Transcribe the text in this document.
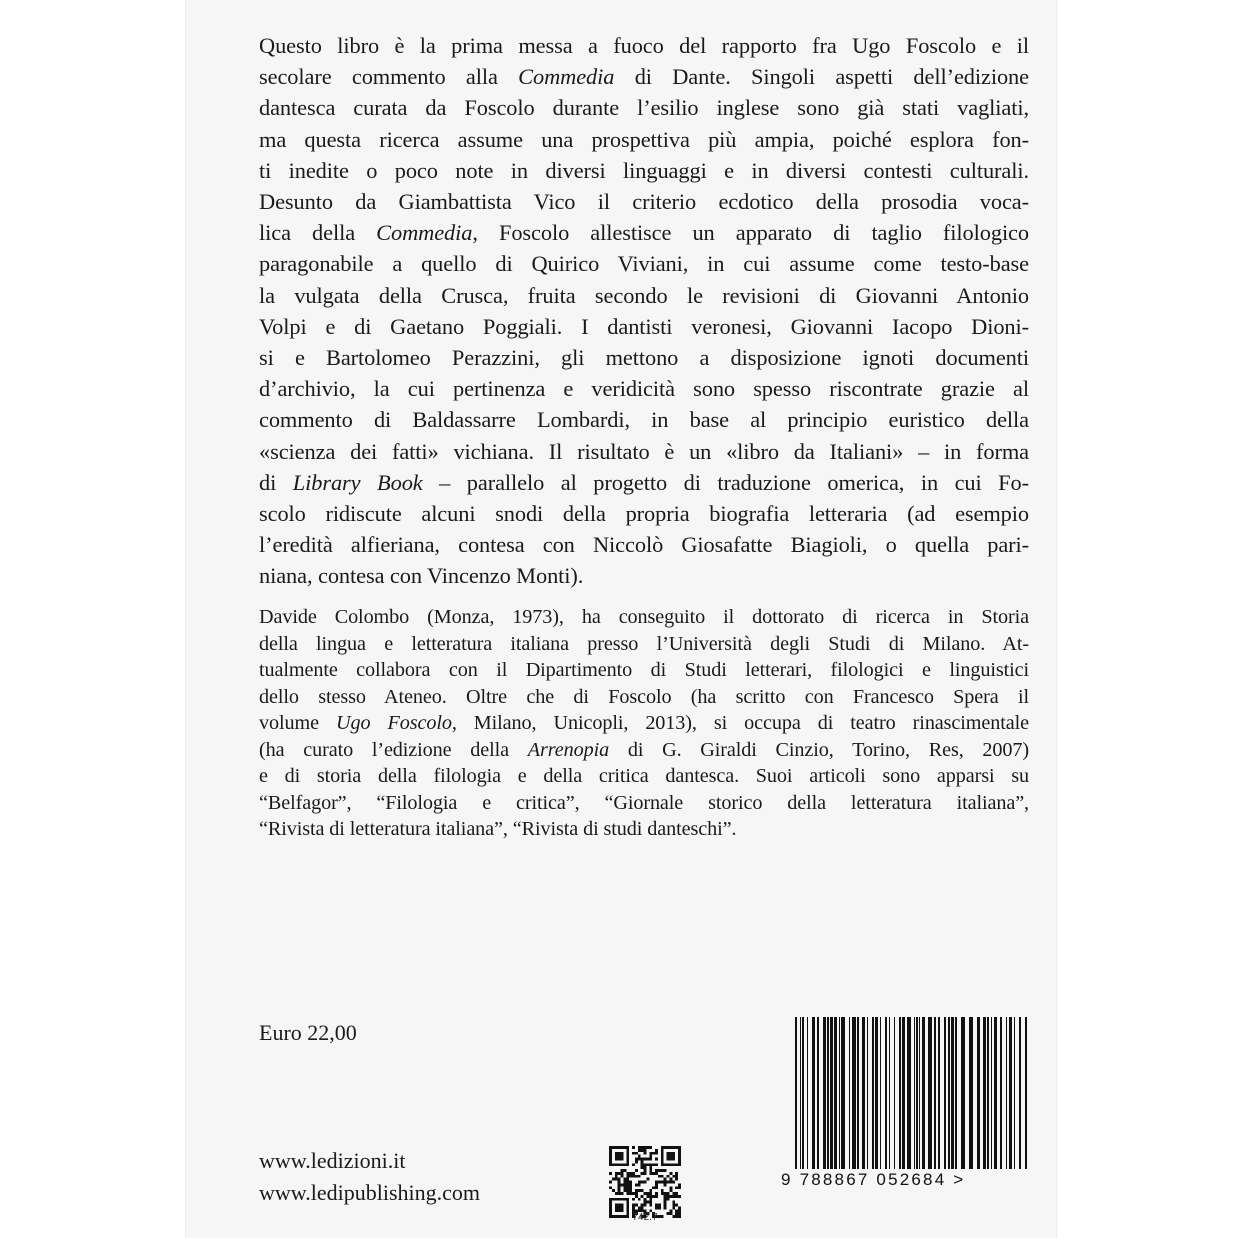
Questo libro è la prima messa a fuoco del rapporto fra Ugo Foscolo e il
secolare commento alla Commedia di Dante. Singoli aspetti dell’edizione
dantesca curata da Foscolo durante l’esilio inglese sono già stati vagliati,
ma questa ricerca assume una prospettiva più ampia, poiché esplora fon-
ti inedite o poco note in diversi linguaggi e in diversi contesti culturali.
Desunto da Giambattista Vico il criterio ecdotico della prosodia voca-
lica della Commedia, Foscolo allestisce un apparato di taglio filologico
paragonabile a quello di Quirico Viviani, in cui assume come testo-base
la vulgata della Crusca, fruita secondo le revisioni di Giovanni Antonio
Volpi e di Gaetano Poggiali. I dantisti veronesi, Giovanni Iacopo Dioni-
si e Bartolomeo Perazzini, gli mettono a disposizione ignoti documenti
d’archivio, la cui pertinenza e veridicità sono spesso riscontrate grazie al
commento di Baldassarre Lombardi, in base al principio euristico della
«scienza dei fatti» vichiana. Il risultato è un «libro da Italiani» – in forma
di Library Book – parallelo al progetto di traduzione omerica, in cui Fo-
scolo ridiscute alcuni snodi della propria biografia letteraria (ad esempio
l’eredità alfieriana, contesa con Niccolò Giosafatte Biagioli, o quella pari-
niana, contesa con Vincenzo Monti).
Davide Colombo (Monza, 1973), ha conseguito il dottorato di ricerca in Storia
della lingua e letteratura italiana presso l’Università degli Studi di Milano. At-
tualmente collabora con il Dipartimento di Studi letterari, filologici e linguistici
dello stesso Ateneo. Oltre che di Foscolo (ha scritto con Francesco Spera il
volume Ugo Foscolo, Milano, Unicopli, 2013), si occupa di teatro rinascimentale
(ha curato l’edizione della Arrenopia di G. Giraldi Cinzio, Torino, Res, 2007)
e di storia della filologia e della critica dantesca. Suoi articoli sono apparsi su
“Belfagor”, “Filologia e critica”, “Giornale storico della letteratura italiana”,
“Rivista di letteratura italiana”, “Rivista di studi danteschi”.
Euro 22,00
www.ledizioni.it
www.ledipublishing.com
742.7
9 788867 052684 >
